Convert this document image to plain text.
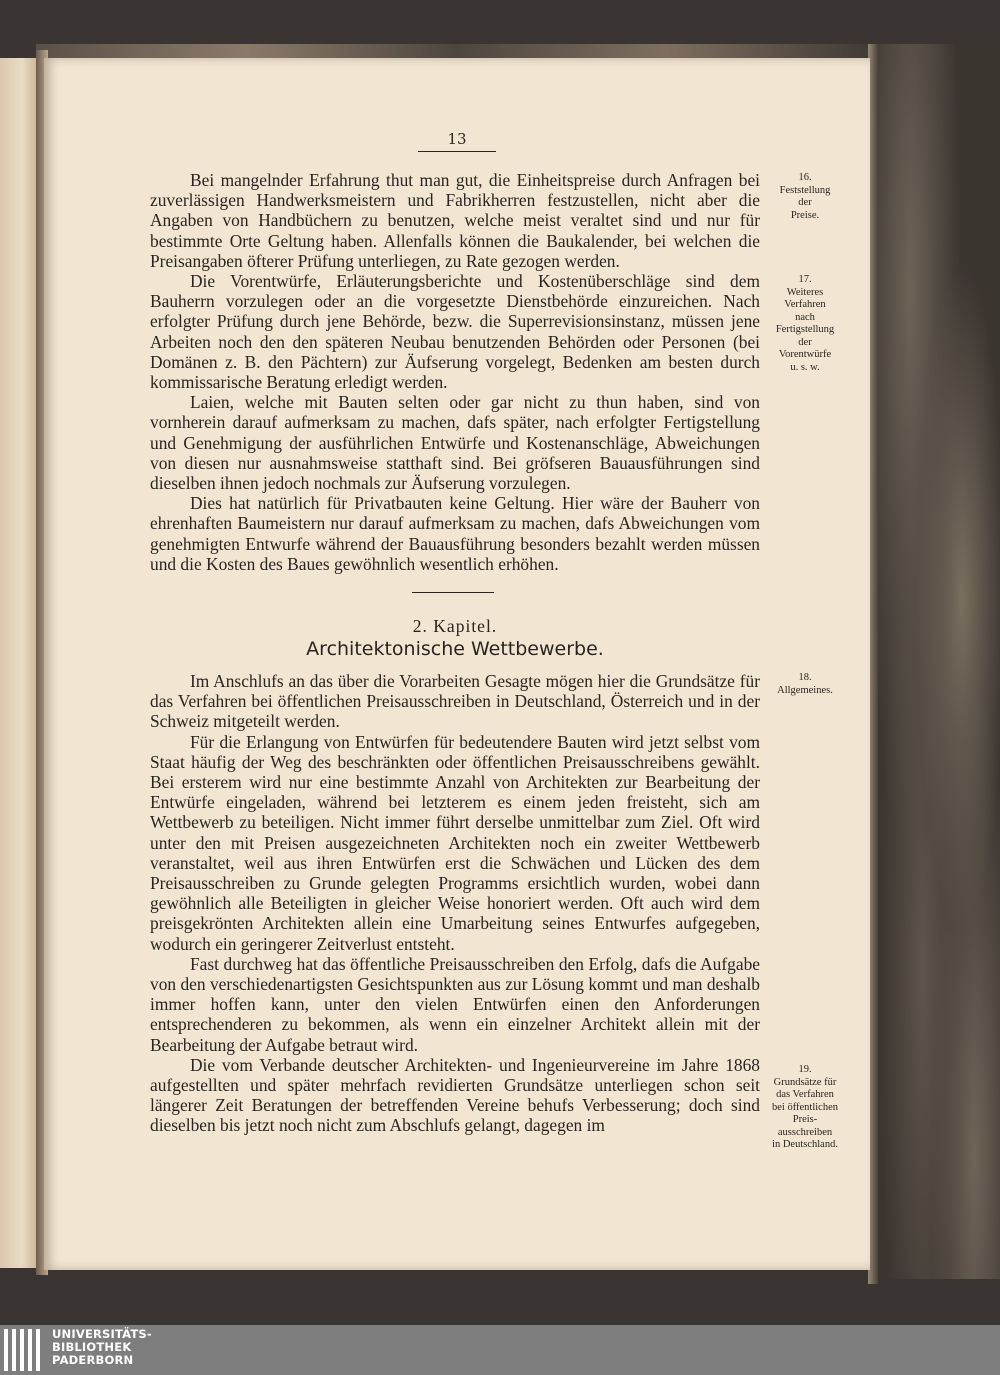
13

Bei mangelnder Erfahrung thut man gut, die Einheitspreise durch Anfragen bei zuverlässigen Handwerksmeistern und Fabrikherren festzustellen, nicht aber die Angaben von Handbüchern zu benutzen, welche meist veraltet sind und nur für bestimmte Orte Geltung haben. Allenfalls können die Baukalender, bei welchen die Preisangaben öfterer Prüfung unterliegen, zu Rate gezogen werden.

Die Vorentwürfe, Erläuterungsberichte und Kostenüberschläge sind dem Bauherrn vorzulegen oder an die vorgesetzte Dienstbehörde einzureichen. Nach erfolgter Prüfung durch jene Behörde, bezw. die Superrevisionsinstanz, müssen jene Arbeiten noch den den späteren Neubau benutzenden Behörden oder Personen (bei Domänen z. B. den Pächtern) zur Äufserung vorgelegt, Bedenken am besten durch kommissarische Beratung erledigt werden.

Laien, welche mit Bauten selten oder gar nicht zu thun haben, sind von vornherein darauf aufmerksam zu machen, dafs später, nach erfolgter Fertigstellung und Genehmigung der ausführlichen Entwürfe und Kostenanschläge, Abweichungen von diesen nur ausnahmsweise statthaft sind. Bei gröfseren Bauausführungen sind dieselben ihnen jedoch nochmals zur Äufserung vorzulegen.

Dies hat natürlich für Privatbauten keine Geltung. Hier wäre der Bauherr von ehrenhaften Baumeistern nur darauf aufmerksam zu machen, dafs Abweichungen vom genehmigten Entwurfe während der Bauausführung besonders bezahlt werden müssen und die Kosten des Baues gewöhnlich wesentlich erhöhen.

2. Kapitel.
Architektonische Wettbewerbe.

Im Anschlufs an das über die Vorarbeiten Gesagte mögen hier die Grundsätze für das Verfahren bei öffentlichen Preisausschreiben in Deutschland, Österreich und in der Schweiz mitgeteilt werden.

Für die Erlangung von Entwürfen für bedeutendere Bauten wird jetzt selbst vom Staat häufig der Weg des beschränkten oder öffentlichen Preisausschreibens gewählt. Bei ersterem wird nur eine bestimmte Anzahl von Architekten zur Bearbeitung der Entwürfe eingeladen, während bei letzterem es einem jeden freisteht, sich am Wettbewerb zu beteiligen. Nicht immer führt derselbe unmittelbar zum Ziel. Oft wird unter den mit Preisen ausgezeichneten Architekten noch ein zweiter Wettbewerb veranstaltet, weil aus ihren Entwürfen erst die Schwächen und Lücken des dem Preisausschreiben zu Grunde gelegten Programms ersichtlich wurden, wobei dann gewöhnlich alle Beteiligten in gleicher Weise honoriert werden. Oft auch wird dem preisgekrönten Architekten allein eine Umarbeitung seines Entwurfes aufgegeben, wodurch ein geringerer Zeitverlust entsteht.

Fast durchweg hat das öffentliche Preisausschreiben den Erfolg, dafs die Aufgabe von den verschiedenartigsten Gesichtspunkten aus zur Lösung kommt und man deshalb immer hoffen kann, unter den vielen Entwürfen einen den Anforderungen entsprechenderen zu bekommen, als wenn ein einzelner Architekt allein mit der Bearbeitung der Aufgabe betraut wird.

Die vom Verbande deutscher Architekten- und Ingenieurvereine im Jahre 1868 aufgestellten und später mehrfach revidierten Grundsätze unterliegen schon seit längerer Zeit Beratungen der betreffenden Vereine behufs Verbesserung; doch sind dieselben bis jetzt noch nicht zum Abschlufs gelangt, dagegen im

16.
Feststellung
der
Preise.
17.
Weiteres
Verfahren
nach
Fertigstellung
der
Vorentwürfe
u. s. w.
18.
Allgemeines.
19.
Grundsätze für
das Verfahren
bei öffentlichen
Preis-
ausschreiben
in Deutschland.
UNIVERSITÄTS-
BIBLIOTHEK
PADERBORN
